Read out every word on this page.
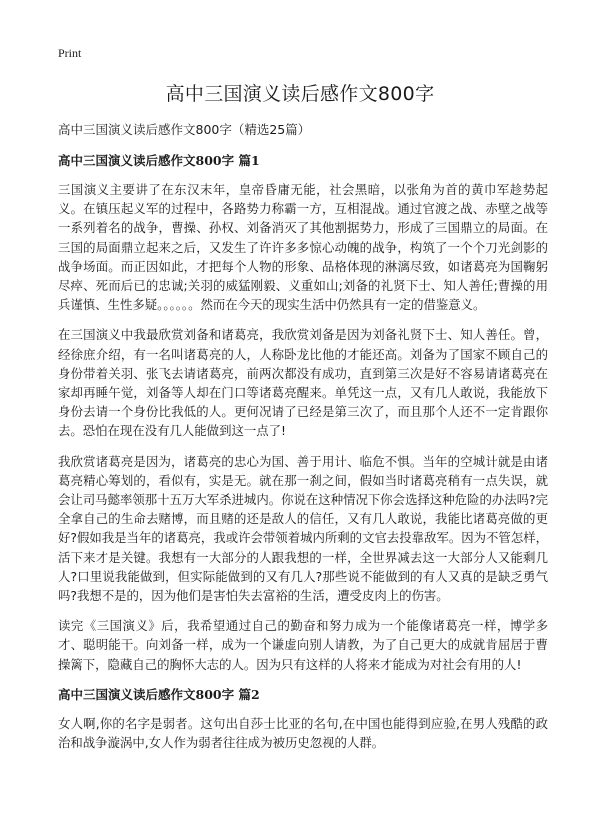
Print
高中三国演义读后感作文800字

高中三国演义读后感作文800字（精选25篇）

高中三国演义读后感作文800字 篇1

三国演义主要讲了在东汉末年，皇帝昏庸无能，社会黑暗，以张角为首的黄巾军趁势起义。在镇压起义军的过程中，各路势力称霸一方，互相混战。通过官渡之战、赤壁之战等一系列着名的战争，曹操、孙权、刘备消灭了其他割据势力，形成了三国鼎立的局面。在三国的局面鼎立起来之后，又发生了许许多多惊心动魄的战争，构筑了一个个刀光剑影的战争场面。而正因如此，才把每个人物的形象、品格体现的淋漓尽致，如诸葛亮为国鞠躬尽瘁、死而后已的忠诚;关羽的威猛刚毅、义重如山;刘备的礼贤下士、知人善任;曹操的用兵谨慎、生性多疑。。。。。。然而在今天的现实生活中仍然具有一定的借鉴意义。

在三国演义中我最欣赏刘备和诸葛亮，我欣赏刘备是因为刘备礼贤下士、知人善任。曾，经徐庶介绍，有一名叫诸葛亮的人，人称卧龙比他的才能还高。刘备为了国家不顾自己的身份带着关羽、张飞去请诸葛亮，前两次都没有成功，直到第三次是好不容易请诸葛亮在家却再睡午觉，刘备等人却在门口等诸葛亮醒来。单凭这一点，又有几人敢说，我能放下身份去请一个身份比我低的人。更何况请了已经是第三次了，而且那个人还不一定肯跟你去。恐怕在现在没有几人能做到这一点了!

我欣赏诸葛亮是因为，诸葛亮的忠心为国、善于用计、临危不惧。当年的空城计就是由诸葛亮精心筹划的，看似有，实是无。就在那一刹之间，假如当时诸葛亮稍有一点失误，就会让司马懿率领那十五万大军杀进城内。你说在这种情况下你会选择这种危险的办法吗?完全拿自己的生命去赌博，而且赌的还是敌人的信任，又有几人敢说，我能比诸葛亮做的更好?假如我是当年的诸葛亮，我或许会带领着城内所剩的文官去投靠敌军。因为不管怎样，活下来才是关键。我想有一大部分的人跟我想的一样，全世界减去这一大部分人又能剩几人?口里说我能做到，但实际能做到的又有几人?那些说不能做到的有人又真的是缺乏勇气吗?我想不是的，因为他们是害怕失去富裕的生活，遭受皮肉上的伤害。

读完《三国演义》后，我希望通过自己的勤奋和努力成为一个能像诸葛亮一样，博学多才、聪明能干。向刘备一样，成为一个谦虚向别人请教，为了自己更大的成就肯屈居于曹操篱下，隐藏自己的胸怀大志的人。因为只有这样的人将来才能成为对社会有用的人!

高中三国演义读后感作文800字 篇2

女人啊,你的名字是弱者。这句出自莎士比亚的名句,在中国也能得到应验,在男人残酷的政治和战争漩涡中,女人作为弱者往往成为被历史忽视的人群。
